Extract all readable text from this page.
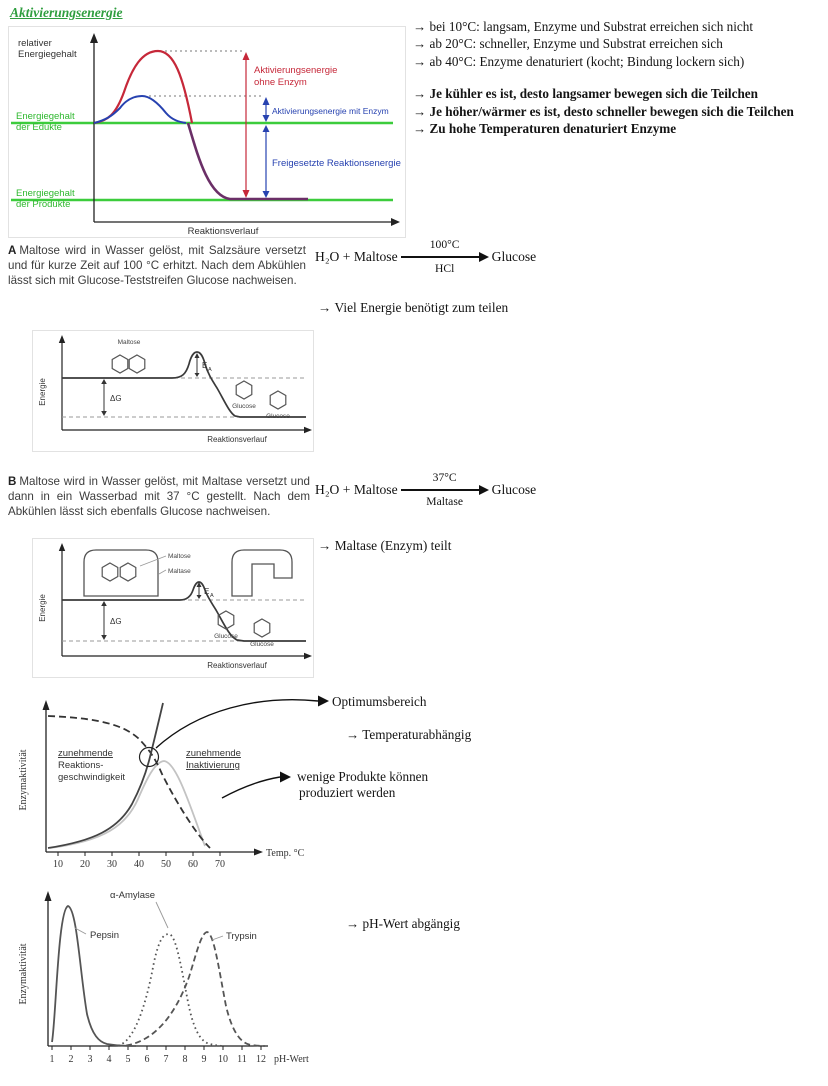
Aktivierungsenergie
→ bei 10°C: langsam, Enzyme und Substrat erreichen sich nicht
→ ab 20°C: schneller, Enzyme und Substrat erreichen sich
→ ab 40°C: Enzyme denaturiert (kocht; Bindung lockern sich)
→ Je kühler es ist, desto langsamer bewegen sich die Teilchen
→ Je höher/wärmer es ist, desto schneller bewegen sich die Teilchen
→ Zu hohe Temperaturen denaturiert Enzyme
relativer
Energiegehalt
Aktivierungsenergie
ohne Enzym
Aktivierungsenergie mit Enzym
Freigesetzte Reaktionsenergie
Energiegehalt
der Edukte
Energiegehalt
der Produkte
Reaktionsverlauf
A Maltose wird in Wasser gelöst, mit Salzsäure versetzt und für kurze Zeit auf 100 °C erhitzt. Nach dem Abkühlen lässt sich mit Glucose-Teststreifen Glucose nachweisen.
H₂O + Maltose
100°C
HCl
Glucose
→ Viel Energie benötigt zum teilen
Energie
Reaktionsverlauf
ΔG
E A
Maltose
Glucose
Glucose
B Maltose wird in Wasser gelöst, mit Maltase versetzt und dann in ein Wasserbad mit 37 °C gestellt. Nach dem Abkühlen lässt sich ebenfalls Glucose nachweisen.
H₂O + Maltose
37°C
Maltase
Glucose
→ Maltase (Enzym) teilt
Energie
Reaktionsverlauf
ΔG
E A
Maltose
Maltase
Glucose
Glucose
Enzymaktivität
10 20 30 40 50 60 70
Temp. °C
zunehmende
Reaktions-
geschwindigkeit
zunehmende
Inaktivierung
Optimumsbereich
→ Temperaturabhängig
wenige Produkte können
produziert werden
Enzymaktivität
1 2 3 4 5 6 7 8 9 10 11 12 pH-Wert
α-Amylase
Pepsin	Trypsin
→ pH-Wert abgängig
